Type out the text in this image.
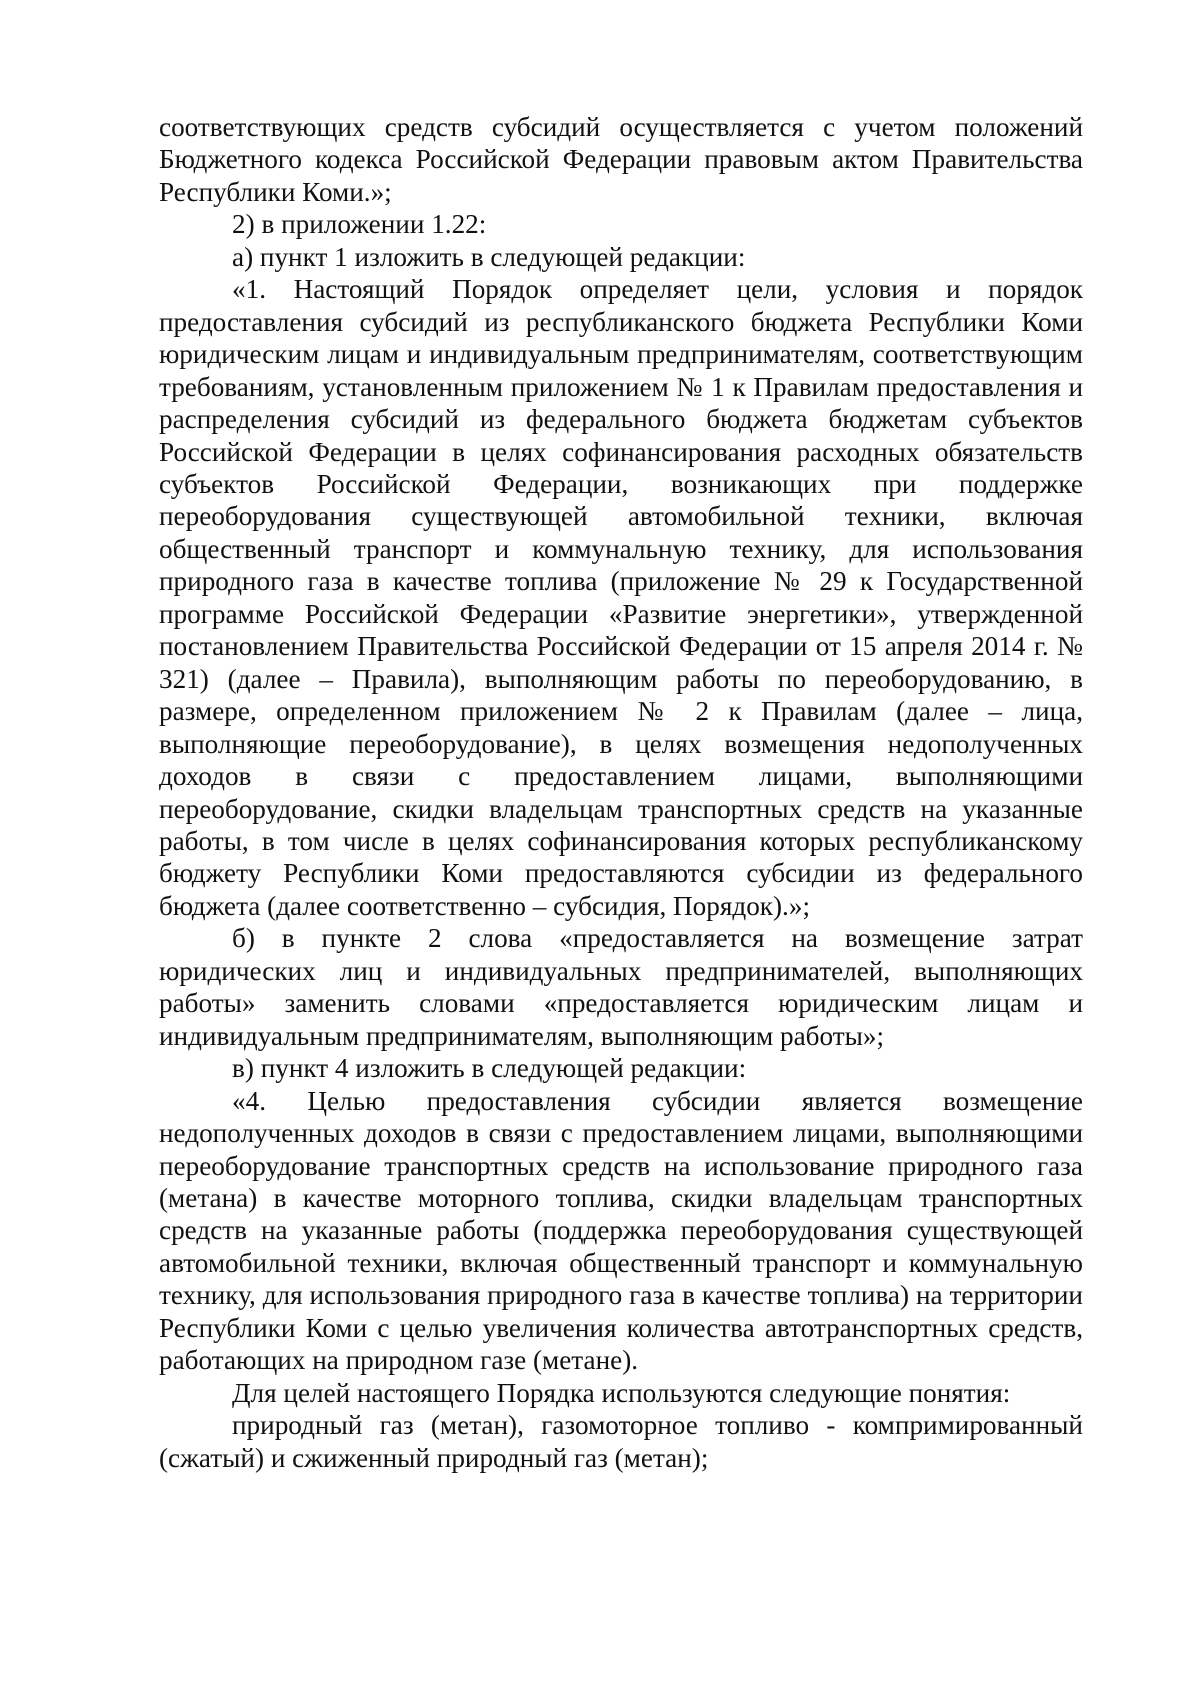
соответствующих средств субсидий осуществляется с учетом положений Бюджетного кодекса Российской Федерации правовым актом Правительства Республики Коми.»;

2) в приложении 1.22:

а) пункт 1 изложить в следующей редакции:

«1. Настоящий Порядок определяет цели, условия и порядок предоставления субсидий из республиканского бюджета Республики Коми юридическим лицам и индивидуальным предпринимателям, соответствующим требованиям, установленным приложением № 1 к Правилам предоставления и распределения субсидий из федерального бюджета бюджетам субъектов Российской Федерации в целях софинансирования расходных обязательств субъектов Российской Федерации, возникающих при поддержке переоборудования существующей автомобильной техники, включая общественный транспорт и коммунальную технику, для использования природного газа в качестве топлива (приложение № 29 к Государственной программе Российской Федерации «Развитие энергетики», утвержденной постановлением Правительства Российской Федерации от 15 апреля 2014 г. № 321) (далее – Правила), выполняющим работы по переоборудованию, в размере, определенном приложением № 2 к Правилам (далее – лица, выполняющие переоборудование), в целях возмещения недополученных доходов в связи с предоставлением лицами, выполняющими переоборудование, скидки владельцам транспортных средств на указанные работы, в том числе в целях софинансирования которых республиканскому бюджету Республики Коми предоставляются субсидии из федерального бюджета (далее соответственно – субсидия, Порядок).»;

б) в пункте 2 слова «предоставляется на возмещение затрат юридических лиц и индивидуальных предпринимателей, выполняющих работы» заменить словами «предоставляется юридическим лицам и индивидуальным предпринимателям, выполняющим работы»;

в) пункт 4 изложить в следующей редакции:

«4. Целью предоставления субсидии является возмещение недополученных доходов в связи с предоставлением лицами, выполняющими переоборудование транспортных средств на использование природного газа (метана) в качестве моторного топлива, скидки владельцам транспортных средств на указанные работы (поддержка переоборудования существующей автомобильной техники, включая общественный транспорт и коммунальную технику, для использования природного газа в качестве топлива) на территории Республики Коми с целью увеличения количества автотранспортных средств, работающих на природном газе (метане).

Для целей настоящего Порядка используются следующие понятия:

природный газ (метан), газомоторное топливо - компримированный (сжатый) и сжиженный природный газ (метан);
